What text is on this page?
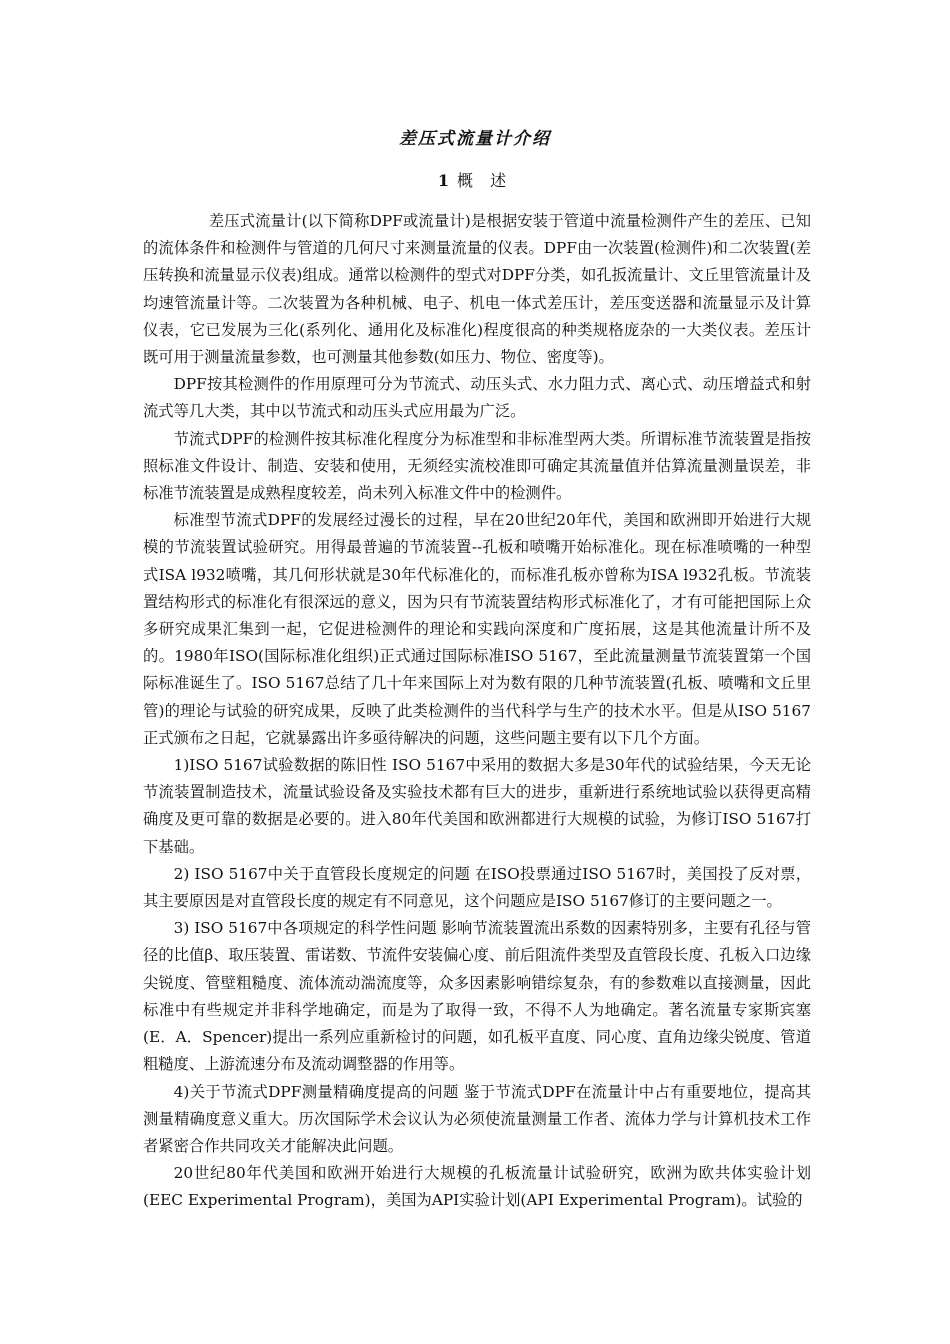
差压式流量计介绍
1 概 述

差压式流量计(以下简称DPF或流量计)是根据安装于管道中流量检测件产生的差压、已知的流体条件和检测件与管道的几何尺寸来测量流量的仪表。DPF由一次装置(检测件)和二次装置(差压转换和流量显示仪表)组成。通常以检测件的型式对DPF分类，如孔扳流量计、文丘里管流量计及均速管流量计等。二次装置为各种机械、电子、机电一体式差压计，差压变送器和流量显示及计算仪表，它已发展为三化(系列化、通用化及标准化)程度很高的种类规格庞杂的一大类仪表。差压计既可用于测量流量参数，也可测量其他参数(如压力、物位、密度等)。

DPF按其检测件的作用原理可分为节流式、动压头式、水力阻力式、离心式、动压增益式和射流式等几大类，其中以节流式和动压头式应用最为广泛。

节流式DPF的检测件按其标准化程度分为标准型和非标准型两大类。所谓标准节流装置是指按照标准文件设计、制造、安装和使用，无须经实流校准即可确定其流量值并估算流量测量误差，非标准节流装置是成熟程度较差，尚未列入标准文件中的检测件。

标准型节流式DPF的发展经过漫长的过程，早在20世纪20年代，美国和欧洲即开始进行大规模的节流装置试验研究。用得最普遍的节流装置--孔板和喷嘴开始标准化。现在标准喷嘴的一种型式ISA l932喷嘴，其几何形状就是30年代标准化的，而标准孔板亦曾称为ISA l932孔板。节流装置结构形式的标准化有很深远的意义，因为只有节流装置结构形式标准化了，才有可能把国际上众多研究成果汇集到一起，它促进检测件的理论和实践向深度和广度拓展，这是其他流量计所不及的。1980年ISO(国际标准化组织)正式通过国际标准ISO 5167，至此流量测量节流装置第一个国际标准诞生了。ISO 5167总结了几十年来国际上对为数有限的几种节流装置(孔板、喷嘴和文丘里管)的理论与试验的研究成果，反映了此类检测件的当代科学与生产的技术水平。但是从ISO 5167正式颁布之日起，它就暴露出许多亟待解决的问题，这些问题主要有以下几个方面。

1)ISO 5167试验数据的陈旧性 ISO 5167中采用的数据大多是30年代的试验结果，今天无论节流装置制造技术，流量试验设备及实验技术都有巨大的进步，重新进行系统地试验以获得更高精确度及更可靠的数据是必要的。进入80年代美国和欧洲都进行大规模的试验，为修订ISO 5167打下基础。

2) ISO 5167中关于直管段长度规定的问题 在ISO投票通过ISO 5167时，美国投了反对票，其主要原因是对直管段长度的规定有不同意见，这个问题应是ISO 5167修订的主要问题之一。

3) ISO 5167中各项规定的科学性问题 影响节流装置流出系数的因素特别多，主要有孔径与管径的比值β、取压装置、雷诺数、节流件安装偏心度、前后阻流件类型及直管段长度、孔板入口边缘尖锐度、管壁粗糙度、流体流动湍流度等，众多因素影响错综复杂，有的参数难以直接测量，因此标准中有些规定并非科学地确定，而是为了取得一致，不得不人为地确定。著名流量专家斯宾塞(E．A．Spencer)提出一系列应重新检讨的问题，如孔板平直度、同心度、直角边缘尖锐度、管道粗糙度、上游流速分布及流动调整器的作用等。

4)关于节流式DPF测量精确度提高的问题 鉴于节流式DPF在流量计中占有重要地位，提高其测量精确度意义重大。历次国际学术会议认为必须使流量测量工作者、流体力学与计算机技术工作者紧密合作共同攻关才能解决此问题。

20世纪80年代美国和欧洲开始进行大规模的孔板流量计试验研究，欧洲为欧共体实验计划(EEC Experimental Program)，美国为API实验计划(API Experimental Program)。试验的
